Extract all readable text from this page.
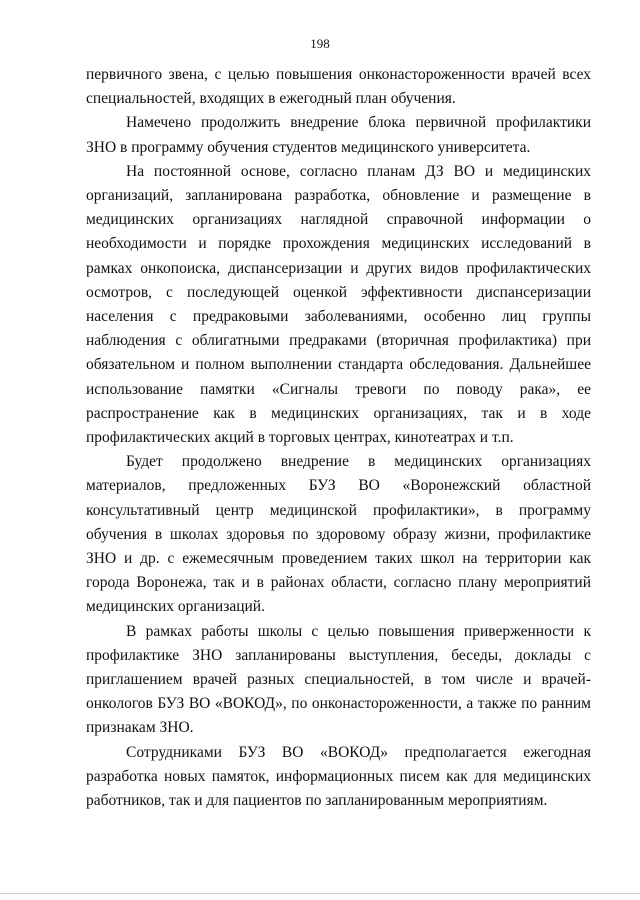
198

первичного звена, с целью повышения онконастороженности врачей всех специальностей, входящих в ежегодный план обучения.

Намечено продолжить внедрение блока первичной профилактики ЗНО в программу обучения студентов медицинского университета.

На постоянной основе, согласно планам ДЗ ВО и медицинских организаций, запланирована разработка, обновление и размещение в медицинских организациях наглядной справочной информации о необходимости и порядке прохождения медицинских исследований в рамках онкопоиска, диспансеризации и других видов профилактических осмотров, с последующей оценкой эффективности диспансеризации населения с предраковыми заболеваниями, особенно лиц группы наблюдения с облигатными предраками (вторичная профилактика) при обязательном и полном выполнении стандарта обследования. Дальнейшее использование памятки «Сигналы тревоги по поводу рака», ее распространение как в медицинских организациях, так и в ходе профилактических акций в торговых центрах, кинотеатрах и т.п.

Будет продолжено внедрение в медицинских организациях материалов, предложенных БУЗ ВО «Воронежский областной консультативный центр медицинской профилактики», в программу обучения в школах здоровья по здоровому образу жизни, профилактике ЗНО и др. с ежемесячным проведением таких школ на территории как города Воронежа, так и в районах области, согласно плану мероприятий медицинских организаций.

В рамках работы школы с целью повышения приверженности к профилактике ЗНО запланированы выступления, беседы, доклады с приглашением врачей разных специальностей, в том числе и врачей-онкологов БУЗ ВО «ВОКОД», по онконастороженности, а также по ранним признакам ЗНО.

Сотрудниками БУЗ ВО «ВОКОД» предполагается ежегодная разработка новых памяток, информационных писем как для медицинских работников, так и для пациентов по запланированным мероприятиям.
